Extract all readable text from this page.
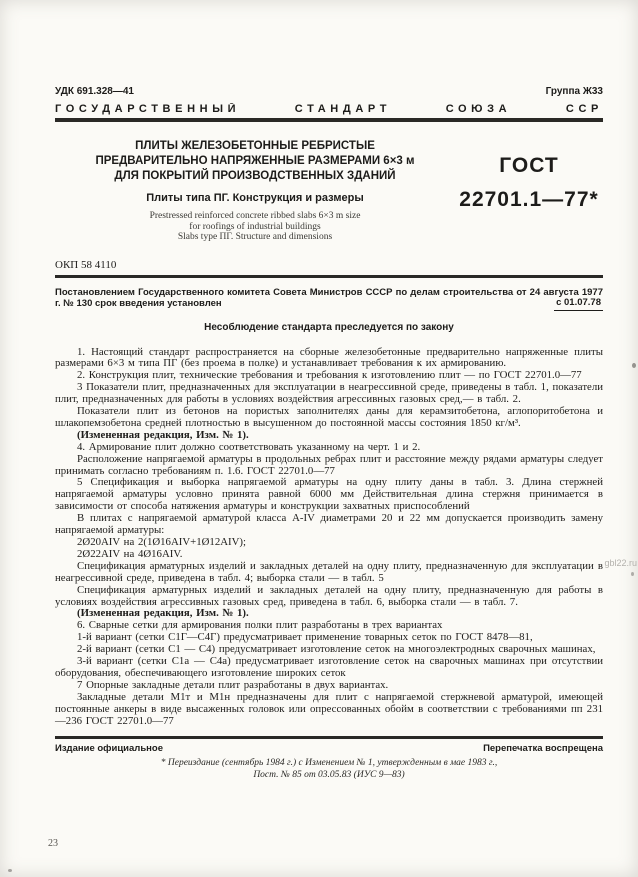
УДК 691.328—41	Группа Ж33
ГОСУДАРСТВЕННЫЙ СТАНДАРТ СОЮЗА ССР
ПЛИТЫ ЖЕЛЕЗОБЕТОННЫЕ РЕБРИСТЫЕ
ПРЕДВАРИТЕЛЬНО НАПРЯЖЕННЫЕ РАЗМЕРАМИ 6×3 м
ДЛЯ ПОКРЫТИЙ ПРОИЗВОДСТВЕННЫХ ЗДАНИЙ
Плиты типа ПГ. Конструкция и размеры
Prestressed reinforced concrete ribbed slabs 6×3 m size
for roofings of industrial buildings
Slabs type ПГ. Structure and dimensions
ГОСТ
22701.1—77*
ОКП 58 4110
Постановлением Государственного комитета Совета Министров СССР по делам строительства от 24 августа 1977 г. № 130 срок введения установлен	с 01.07.78
Несоблюдение стандарта преследуется по закону

1. Настоящий стандарт распространяется на сборные железобетонные предварительно напряженные плиты размерами 6×3 м типа ПГ (без проема в полке) и устанавливает требования к их армированию.

2. Конструкция плит, технические требования и требования к изготовлению плит — по ГОСТ 22701.0—77

3 Показатели плит, предназначенных для эксплуатации в неагрессивной среде, приведены в табл. 1, показатели плит, предназначенных для работы в условиях воздействия агрессивных газовых сред,— в табл. 2.

Показатели плит из бетонов на пористых заполнителях даны для керамзитобетона, аглопоритобетона и шлакопемзобетона средней плотностью в высушенном до постоянной массы состояния 1850 кг/м³.

(Измененная редакция, Изм. № 1).

4. Армирование плит должно соответствовать указанному на черт. 1 и 2.

Расположение напрягаемой арматуры в продольных ребрах плит и расстояние между рядами арматуры следует принимать согласно требованиям п. 1.6. ГОСТ 22701.0—77

5 Спецификация и выборка напрягаемой арматуры на одну плиту даны в табл. 3. Длина стержней напрягаемой арматуры условно принята равной 6000 мм Действительная длина стержня принимается в зависимости от способа натяжения арматуры и конструкции захватных приспособлений

В плитах с напрягаемой арматурой класса А-IV диаметрами 20 и 22 мм допускается производить замену напрягаемой арматуры:

2Ø20AIV на 2(1Ø16AIV+1Ø12AIV);

2Ø22AIV на 4Ø16AIV.

Спецификация арматурных изделий и закладных деталей на одну плиту, предназначенную для эксплуатации в неагрессивной среде, приведена в табл. 4; выборка стали — в табл. 5

Спецификация арматурных изделий и закладных деталей на одну плиту, предназначенную для работы в условиях воздействия агрессивных газовых сред, приведена в табл. 6, выборка стали — в табл. 7.

(Измененная редакция, Изм. № 1).

6. Сварные сетки для армирования полки плит разработаны в трех вариантах

1-й вариант (сетки С1Г—С4Г) предусматривает применение товарных сеток по ГОСТ 8478—81,

2-й вариант (сетки С1 — С4) предусматривает изготовление сеток на многоэлектродных сварочных машинах,

3-й вариант (сетки С1а — С4а) предусматривает изготовление сеток на сварочных машинах при отсутствии оборудования, обеспечивающего изготовление широких сеток

7 Опорные закладные детали плит разработаны в двух вариантах.

Закладные детали М1т и М1н предназначены для плит с напрягаемой стержневой арматурой, имеющей постоянные анкеры в виде высаженных головок или опрессованных обойм в соответствии с требованиями пп 231—236 ГОСТ 22701.0—77

Издание официальное	Перепечатка воспрещена
* Переиздание (сентябрь 1984 г.) с Изменением № 1, утвержденным в мае 1983 г.,
Пост. № 85 от 03.05.83 (ИУС 9—83)
23
gbl22.ru
